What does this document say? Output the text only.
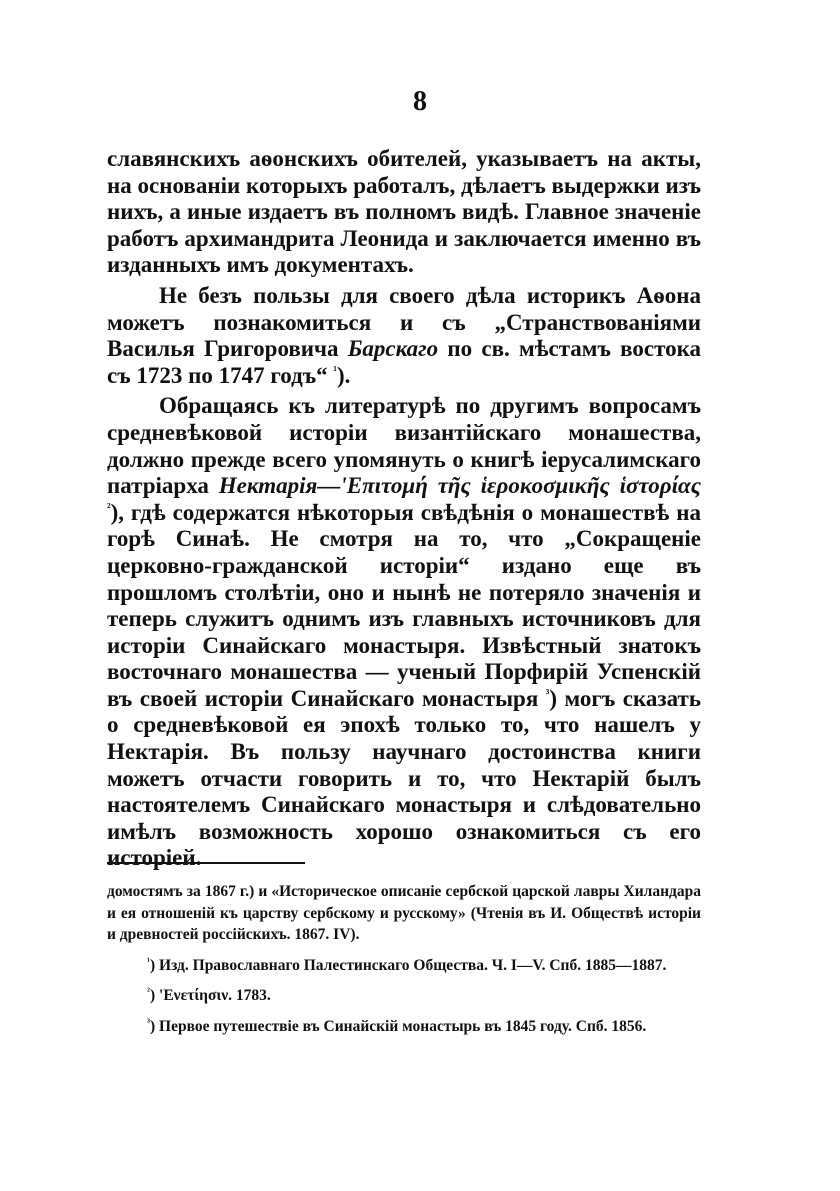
8

славянскихъ аѳонскихъ обителей, указываетъ на акты, на основаніи которыхъ работалъ, дѣлаетъ выдержки изъ нихъ, а иные издаетъ въ полномъ видѣ. Главное значеніе работъ архимандрита Леонида и заключается именно въ изданныхъ имъ документахъ.

Не безъ пользы для своего дѣла историкъ Аѳона можетъ познакомиться и съ „Странствованіями Василья Григоровича Барскаго по св. мѣстамъ востока съ 1723 по 1747 годъ“ $^{^1}$).

Обращаясь къ литературѣ по другимъ вопросамъ средневѣковой исторіи византійскаго монашества, должно прежде всего упомянуть о книгѣ іерусалимскаго патріарха Нектарія—'Επιτομή τῆς ἱεροκοσμικῆς ἱστορίας $^{^2}$), гдѣ содержатся нѣкоторыя свѣдѣнія о монашествѣ на горѣ Синаѣ. Не смотря на то, что „Сокращеніе церковно-гражданской исторіи“ издано еще въ прошломъ столѣтіи, оно и нынѣ не потеряло значенія и теперь служитъ однимъ изъ главныхъ источниковъ для исторіи Синайскаго монастыря. Извѣстный знатокъ восточнаго монашества — ученый Порфирій Успенскій въ своей исторіи Синайскаго монастыря $^{^3}$) могъ сказать о средневѣковой ея эпохѣ только то, что нашелъ у Нектарія. Въ пользу научнаго достоинства книги можетъ отчасти говорить и то, что Нектарій былъ настоятелемъ Синайскаго монастыря и слѣдовательно имѣлъ возможность хорошо ознакомиться съ его исторіей.

домостямъ за 1867 г.) и «Историческое описаніе сербской царской лавры Хиландара и ея отношеній къ царству сербскому и русскому» (Чтенія въ И. Обществѣ исторіи и древностей россійскихъ. 1867. IV).

$^{^1}$) Изд. Православнаго Палестинскаго Общества. Ч. I—V. Спб. 1885—1887.

$^{^2}$) 'Ενετίησιν. 1783.

$^{^3}$) Первое путешествіе въ Синайскій монастырь въ 1845 году. Спб. 1856.
